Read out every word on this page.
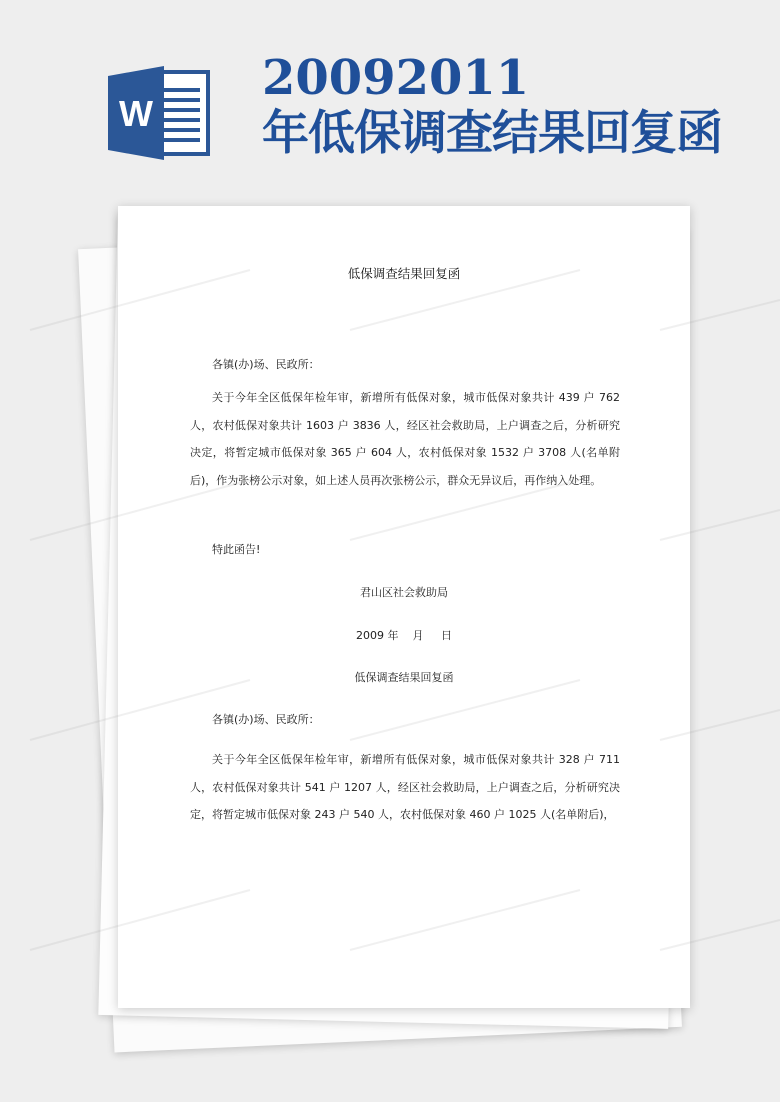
W
20092011
年低保调查结果回复函
低保调查结果回复函
各镇(办)场、民政所：
关于今年全区低保年检年审，新增所有低保对象，城市低保对象共计 439 户 762 人，农村低保对象共计 1603 户 3836 人，经区社会救助局，上户调查之后，分析研究决定，将暂定城市低保对象 365 户 604 人，农村低保对象 1532 户 3708 人(名单附后)，作为张榜公示对象，如上述人员再次张榜公示，群众无异议后，再作纳入处理。
特此函告!
君山区社会救助局
2009 年    月     日
低保调查结果回复函
各镇(办)场、民政所：
关于今年全区低保年检年审，新增所有低保对象，城市低保对象共计 328 户 711 人，农村低保对象共计 541 户 1207 人，经区社会救助局，上户调查之后，分析研究决定，将暂定城市低保对象 243 户 540 人，农村低保对象 460 户 1025 人(名单附后)，
